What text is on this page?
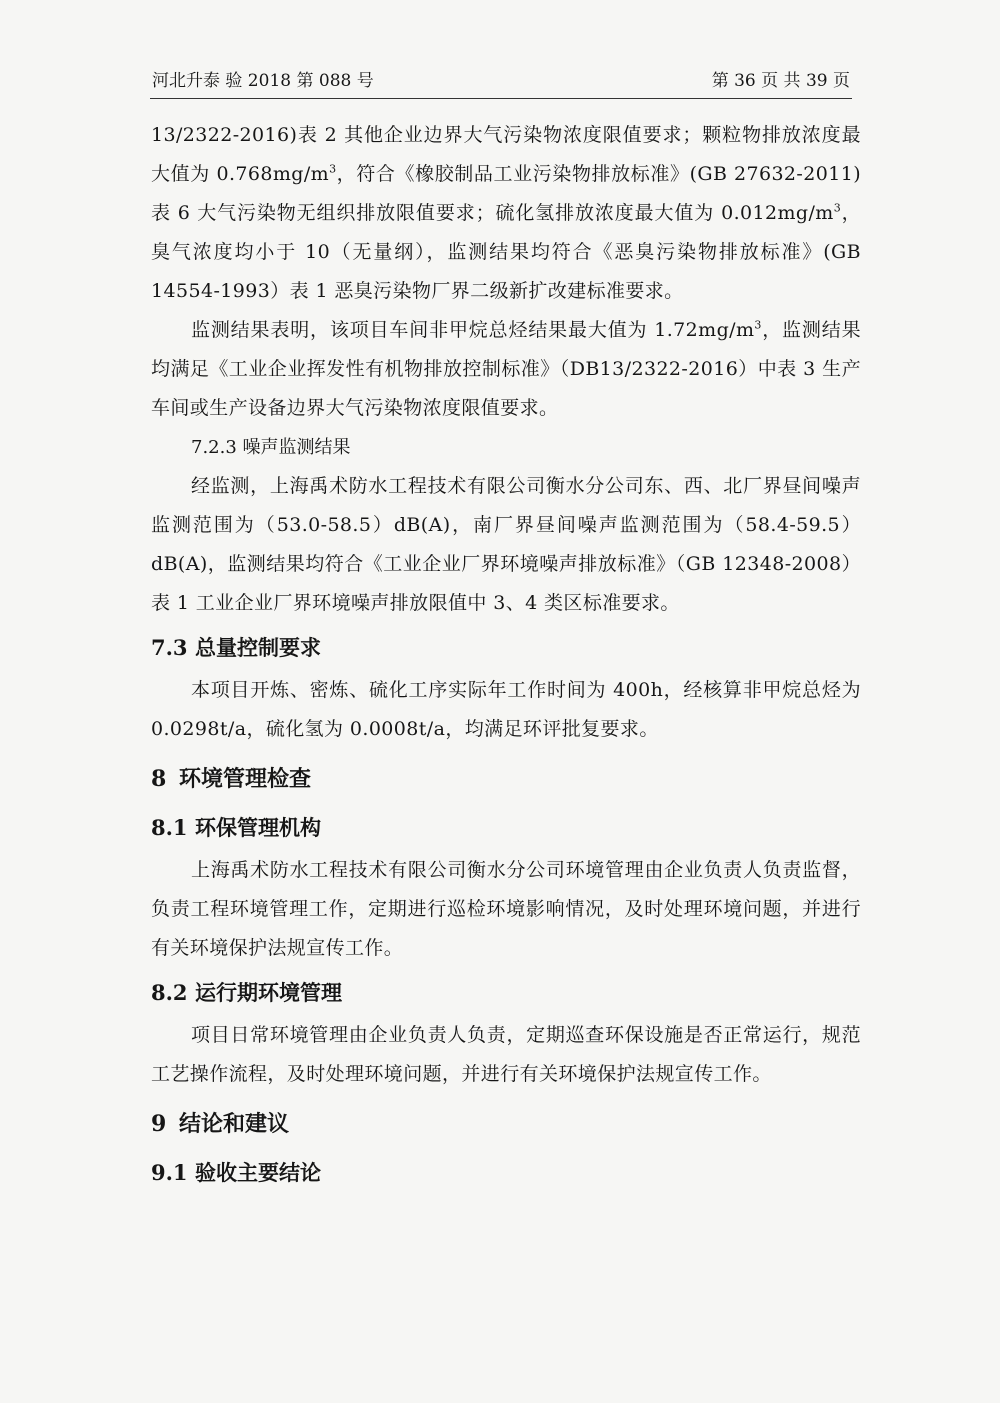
河北升泰 验 2018 第 088 号	第 36 页 共 39 页

13/2322-2016)表 2 其他企业边界大气污染物浓度限值要求；颗粒物排放浓度最大值为 $0.768mg/m^3$，符合《橡胶制品工业污染物排放标准》(GB 27632-2011)表 6 大气污染物无组织排放限值要求；硫化氢排放浓度最大值为 $0.012mg/m^3$，臭气浓度均小于 10（无量纲），监测结果均符合《恶臭污染物排放标准》(GB 14554-1993）表 1 恶臭污染物厂界二级新扩改建标准要求。

监测结果表明，该项目车间非甲烷总烃结果最大值为 $1.72mg/m^3$，监测结果均满足《工业企业挥发性有机物排放控制标准》（DB13/2322-2016）中表 3 生产车间或生产设备边界大气污染物浓度限值要求。

7.2.3 噪声监测结果

经监测，上海禹术防水工程技术有限公司衡水分公司东、西、北厂界昼间噪声监测范围为（53.0-58.5）dB(A)，南厂界昼间噪声监测范围为（58.4-59.5）dB(A)，监测结果均符合《工业企业厂界环境噪声排放标准》（GB 12348-2008）表 1 工业企业厂界环境噪声排放限值中 3、4 类区标准要求。

7.3 总量控制要求

本项目开炼、密炼、硫化工序实际年工作时间为 400h，经核算非甲烷总烃为 0.0298t/a，硫化氢为 0.0008t/a，均满足环评批复要求。

8 环境管理检查
8.1 环保管理机构

上海禹术防水工程技术有限公司衡水分公司环境管理由企业负责人负责监督，负责工程环境管理工作，定期进行巡检环境影响情况，及时处理环境问题，并进行有关环境保护法规宣传工作。

8.2 运行期环境管理

项目日常环境管理由企业负责人负责，定期巡查环保设施是否正常运行，规范工艺操作流程，及时处理环境问题，并进行有关环境保护法规宣传工作。

9 结论和建议
9.1 验收主要结论
